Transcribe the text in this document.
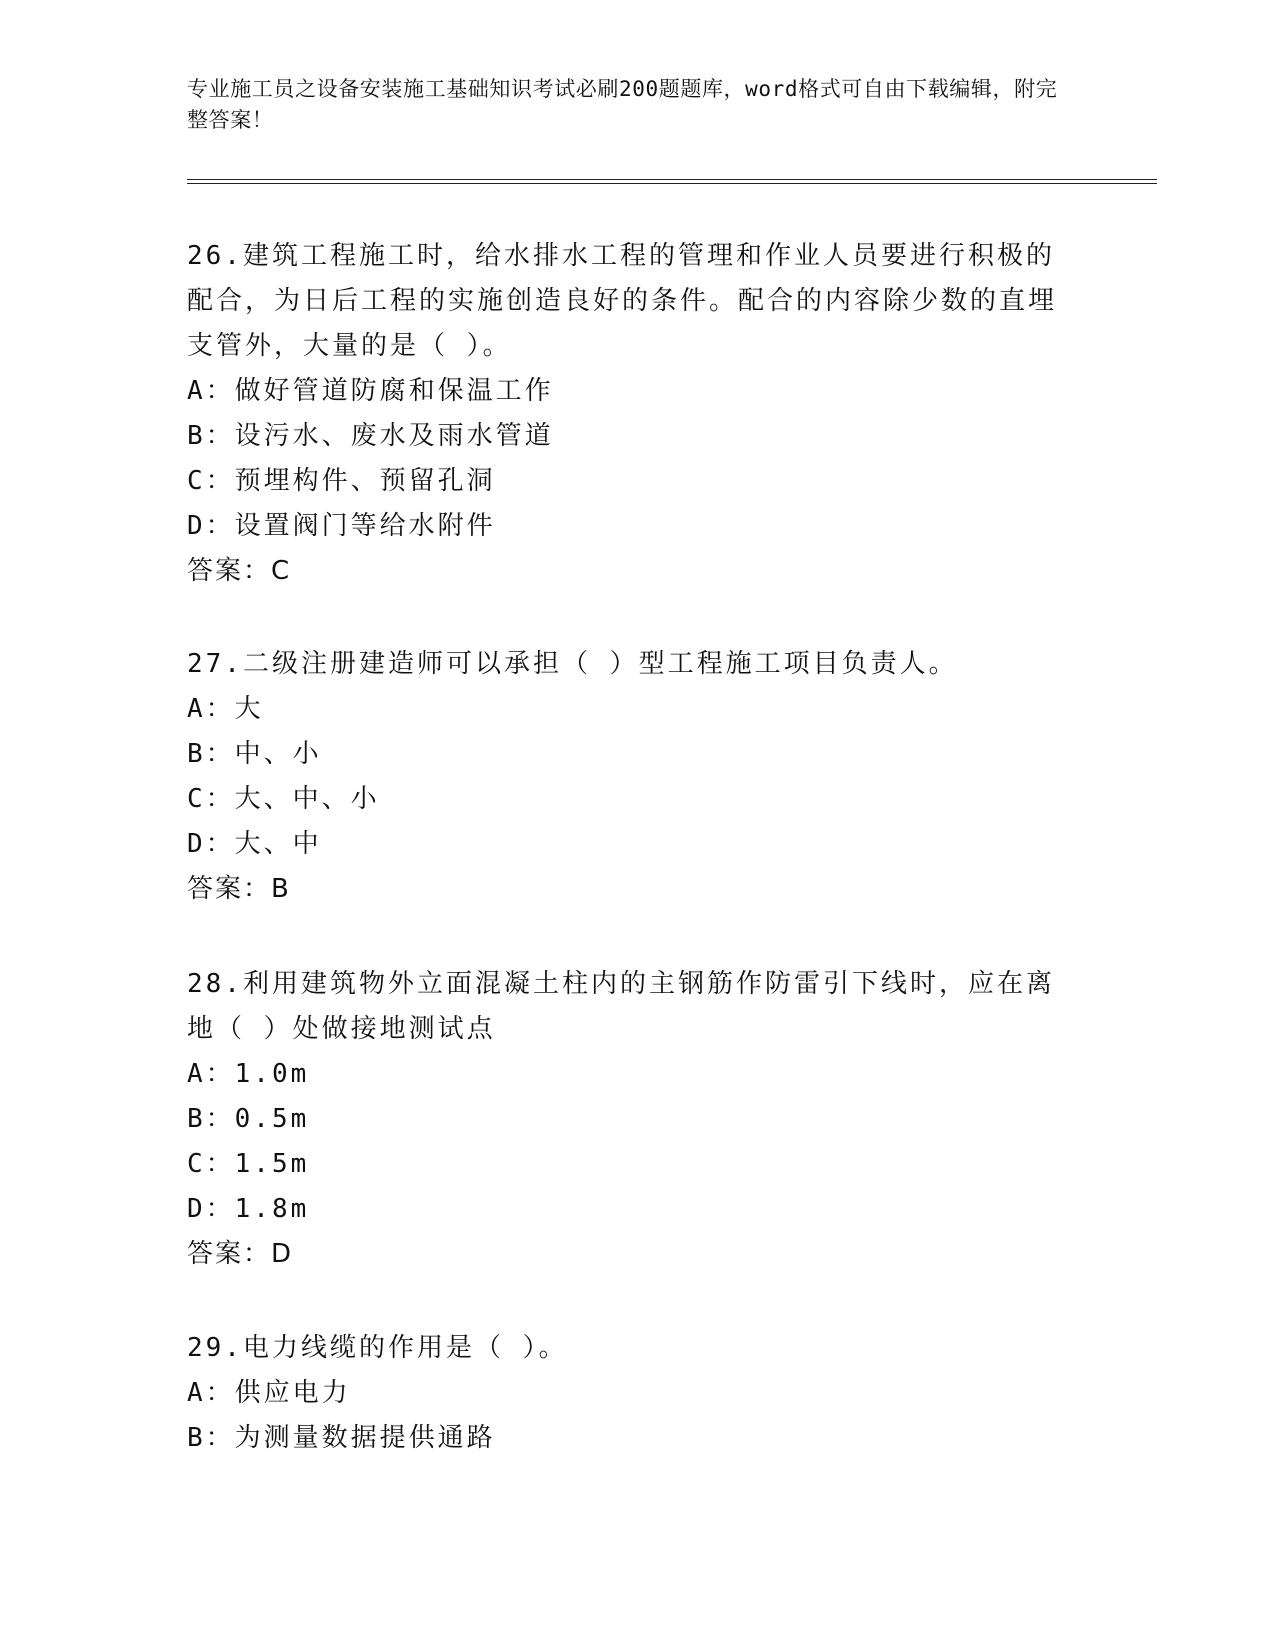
专业施工员之设备安装施工基础知识考试必刷200题题库，word格式可自由下载编辑，附完整答案！
26.建筑工程施工时，给水排水工程的管理和作业人员要进行积极的配合，为日后工程的实施创造良好的条件。配合的内容除少数的直埋支管外，大量的是（ ）。
A：做好管道防腐和保温工作
B：设污水、废水及雨水管道
C：预埋构件、预留孔洞
D：设置阀门等给水附件
答案：C
27.二级注册建造师可以承担（ ）型工程施工项目负责人。
A：大
B：中、小
C：大、中、小
D：大、中
答案：B
28.利用建筑物外立面混凝土柱内的主钢筋作防雷引下线时，应在离地（ ）处做接地测试点
A：1.0m
B：0.5m
C：1.5m
D：1.8m
答案：D
29.电力线缆的作用是（ ）。
A：供应电力
B：为测量数据提供通路
